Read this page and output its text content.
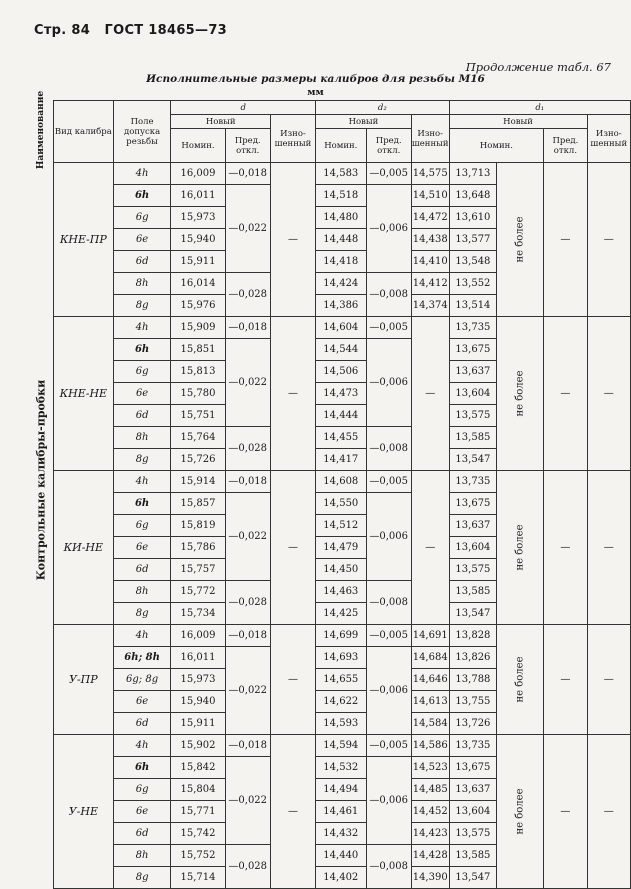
Стр. 84 ГОСТ 18465—73
Продолжение табл. 67
Исполнительные размеры калибров для резьбы М16
мм
Наименование
Контрольные калибры-пробки
Вид калибра	Поле допуска резьбы	d			d₂			d₁			
		Новый		Изно-шенный	Новый		Изно-шенный	Новый			Изно-шенный
		Номин.	Пред. откл.		Номин.	Пред. откл.		Номин.		Пред. откл.	
КНЕ-ПР	4h	16,009	—0,018	—	14,583	—0,005	14,575	13,713	не более	—	—
	6h	16,011	—0,022		14,518	—0,006	14,510	13,648			
	6g	15,973			14,480		14,472	13,610			
	6e	15,940			14,448		14,438	13,577			
	6d	15,911			14,418		14,410	13,548			
	8h	16,014	—0,028		14,424	—0,008	14,412	13,552			
	8g	15,976			14,386		14,374	13,514			
КНЕ-НЕ	4h	15,909	—0,018	—	14,604	—0,005	—	13,735	не более	—	—
	6h	15,851	—0,022		14,544	—0,006		13,675			
	6g	15,813			14,506			13,637			
	6e	15,780			14,473			13,604			
	6d	15,751			14,444			13,575			
	8h	15,764	—0,028		14,455	—0,008		13,585			
	8g	15,726			14,417			13,547			
КИ-НЕ	4h	15,914	—0,018	—	14,608	—0,005	—	13,735	не более	—	—
	6h	15,857	—0,022		14,550	—0,006		13,675			
	6g	15,819			14,512			13,637			
	6e	15,786			14,479			13,604			
	6d	15,757			14,450			13,575			
	8h	15,772	—0,028		14,463	—0,008		13,585			
	8g	15,734			14,425			13,547			
У-ПР	4h	16,009	—0,018	—	14,699	—0,005	14,691	13,828	не более	—	—
	6h; 8h	16,011	—0,022		14,693	—0,006	14,684	13,826			
	6g; 8g	15,973			14,655		14,646	13,788			
	6e	15,940			14,622		14,613	13,755			
	6d	15,911			14,593		14,584	13,726			
У-НЕ	4h	15,902	—0,018	—	14,594	—0,005	14,586	13,735	не более	—	—
	6h	15,842	—0,022		14,532	—0,006	14,523	13,675			
	6g	15,804			14,494		14,485	13,637			
	6e	15,771			14,461		14,452	13,604			
	6d	15,742			14,432		14,423	13,575			
	8h	15,752	—0,028		14,440	—0,008	14,428	13,585			
	8g	15,714			14,402		14,390	13,547			
